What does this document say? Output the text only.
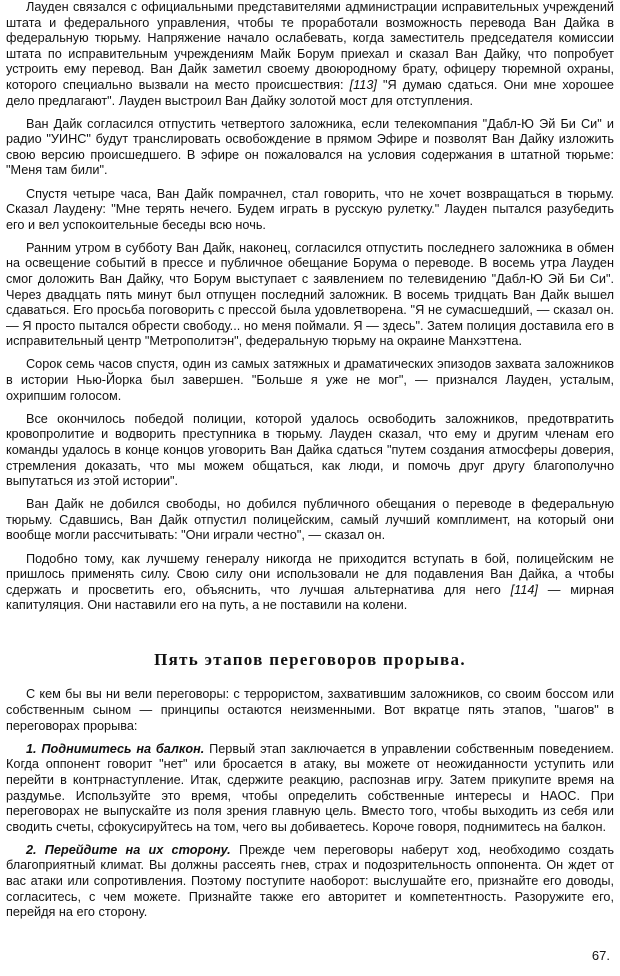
Лауден связался с официальными представителями администрации исправительных учреждений штата и федерального управления, чтобы те проработали возможность перевода Ван Дайка в федеральную тюрьму. Напряжение начало ослабевать, когда заместитель председателя комиссии штата по исправительным учреждениям Майк Борум приехал и сказал Ван Дайку, что попробует устроить ему перевод. Ван Дайк заметил своему двоюродному брату, офицеру тюремной охраны, которого специально вызвали на место происшествия: [113] "Я думаю сдаться. Они мне хорошее дело предлагают". Лауден выстроил Ван Дайку золотой мост для отступления.

Ван Дайк согласился отпустить четвертого заложника, если телекомпания "Дабл-Ю Эй Би Си" и радио "УИНС" будут транслировать освобождение в прямом Эфире и позволят Ван Дайку изложить свою версию происшедшего. В эфире он пожаловался на условия содержания в штатной тюрьме: "Меня там били".

Спустя четыре часа, Ван Дайк помрачнел, стал говорить, что не хочет возвращаться в тюрьму. Сказал Лаудену: "Мне терять нечего. Будем играть в русскую рулетку." Лауден пытался разубедить его и вел успокоительные беседы всю ночь.

Ранним утром в субботу Ван Дайк, наконец, согласился отпустить последнего заложника в обмен на освещение событий в прессе и публичное обещание Борума о переводе. В восемь утра Лауден смог доложить Ван Дайку, что Борум выступает с заявлением по телевидению "Дабл-Ю Эй Би Си". Через двадцать пять минут был отпущен последний заложник. В восемь тридцать Ван Дайк вышел сдаваться. Его просьба поговорить с прессой была удовлетворена. "Я не сумасшедший, — сказал он. — Я просто пытался обрести свободу... но меня поймали. Я — здесь". Затем полиция доставила его в исправительный центр "Метрополитэн", федеральную тюрьму на окраине Манхэттена.

Сорок семь часов спустя, один из самых затяжных и драматических эпизодов захвата заложников в истории Нью-Йорка был завершен. "Больше я уже не мог", — признался Лауден, усталым, охрипшим голосом.

Все окончилось победой полиции, которой удалось освободить заложников, предотвратить кровопролитие и водворить преступника в тюрьму. Лауден сказал, что ему и другим членам его команды удалось в конце концов уговорить Ван Дайка сдаться "путем создания атмосферы доверия, стремления доказать, что мы можем общаться, как люди, и помочь друг другу благополучно выпутаться из этой истории".

Ван Дайк не добился свободы, но добился публичного обещания о переводе в федеральную тюрьму. Сдавшись, Ван Дайк отпустил полицейским, самый лучший комплимент, на который они вообще могли рассчитывать: "Они играли честно", — сказал он.

Подобно тому, как лучшему генералу никогда не приходится вступать в бой, полицейским не пришлось применять силу. Свою силу они использовали не для подавления Ван Дайка, а чтобы сдержать и просветить его, объяснить, что лучшая альтернатива для него [114] — мирная капитуляция. Они наставили его на путь, а не поставили на колени.

Пять этапов переговоров прорыва.

С кем бы вы ни вели переговоры: с террористом, захватившим заложников, со своим боссом или собственным сыном — принципы остаются неизменными. Вот вкратце пять этапов, "шагов" в переговорах прорыва:

1. Поднимитесь на балкон. Первый этап заключается в управлении собственным поведением. Когда оппонент говорит "нет" или бросается в атаку, вы можете от неожиданности уступить или перейти в контрнаступление. Итак, сдержите реакцию, распознав игру. Затем прикупите время на раздумье. Используйте это время, чтобы определить собственные интересы и НАОС. При переговорах не выпускайте из поля зрения главную цель. Вместо того, чтобы выходить из себя или сводить счеты, сфокусируйтесь на том, чего вы добиваетесь. Короче говоря, поднимитесь на балкон.

2. Перейдите на их сторону. Прежде чем переговоры наберут ход, необходимо создать благоприятный климат. Вы должны рассеять гнев, страх и подозрительность оппонента. Он ждет от вас атаки или сопротивления. Поэтому поступите наоборот: выслушайте его, признайте его доводы, согласитесь, с чем можете. Признайте также его авторитет и компетентность. Разоружите его, перейдя на его сторону.

67.
